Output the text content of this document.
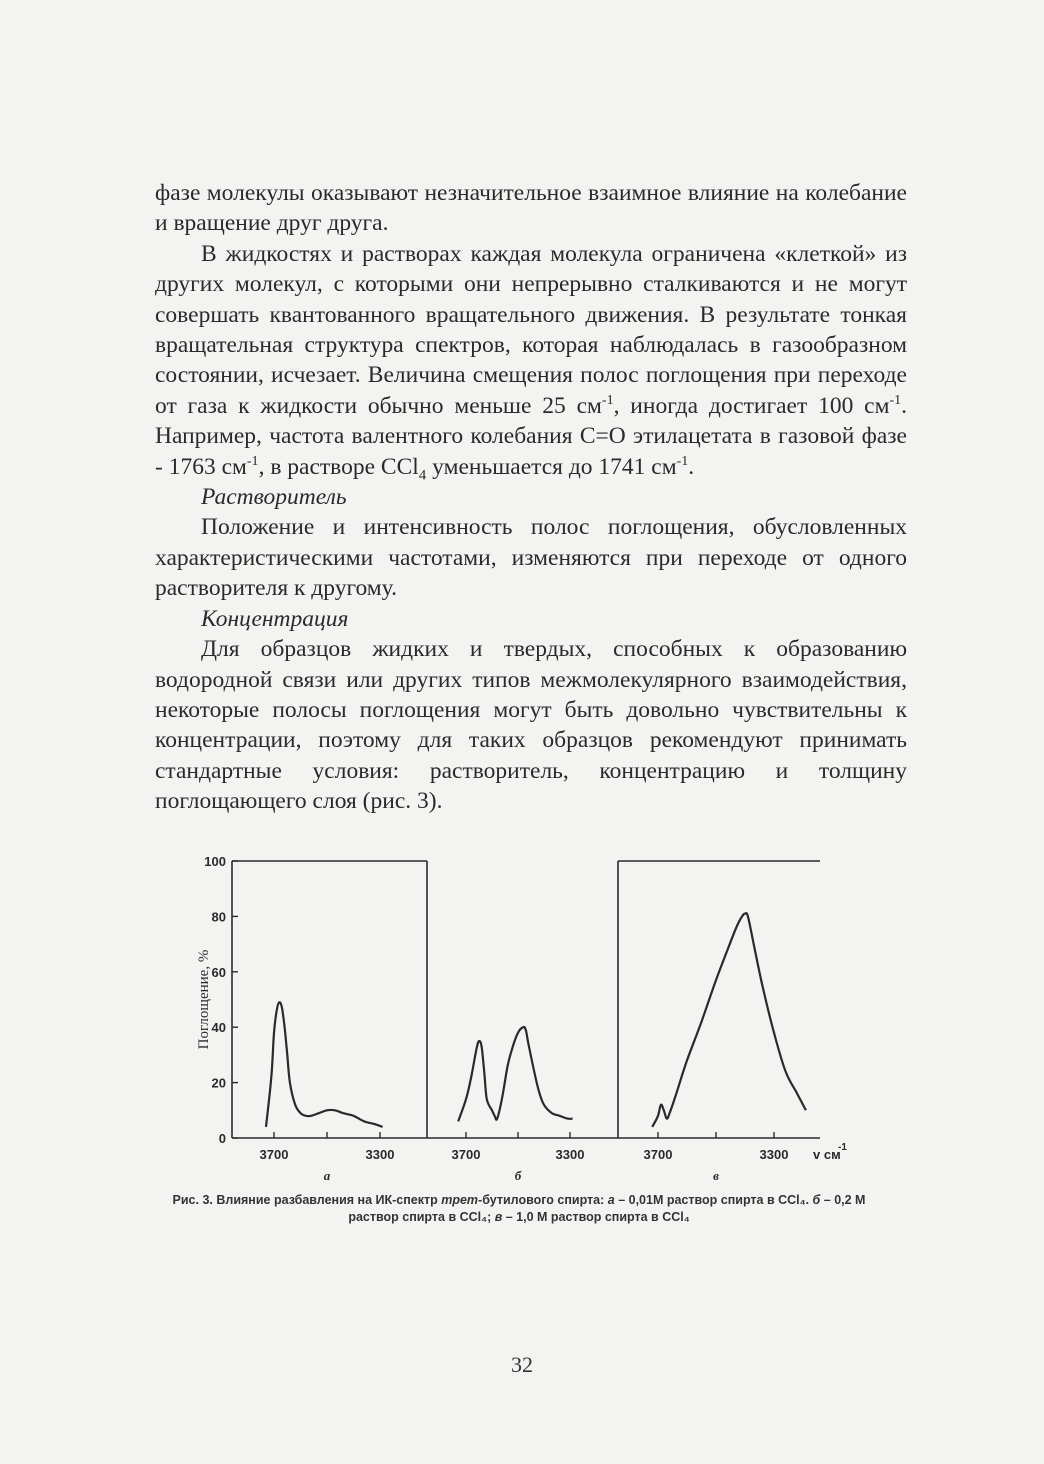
фазе молекулы оказывают незначительное взаимное влияние на колебание и вращение друг друга.

В жидкостях и растворах каждая молекула ограничена «клеткой» из других молекул, с которыми они непрерывно сталкиваются и не могут совершать квантованного вращательного движения. В результате тонкая вращательная структура спектров, которая наблюдалась в газообразном состоянии, исчезает. Величина смещения полос поглощения при переходе от газа к жидкости обычно меньше 25 $см^{-1}$, иногда достигает 100 $см^{-1}$. Например, частота валентного колебания С=О этилацетата в газовой фазе - 1763 $см^{-1}$, в растворе CCl$_4$ уменьшается до 1741 $см^{-1}$.

Растворитель

Положение и интенсивность полос поглощения, обусловленных характеристическими частотами, изменяются при переходе от одного растворителя к другому.

Концентрация

Для образцов жидких и твердых, способных к образованию водородной связи или других типов межмолекулярного взаимодействия, некоторые полосы поглощения могут быть довольно чувствительны к концентрации, поэтому для таких образцов рекомендуют принимать стандартные условия: растворитель, концентрацию и толщину поглощающего слоя (рис. 3).

0
20
40
60
80
100
Поглощение, %
3700	3300
а
3700	3300
б
3700	3300
в
v см
-1
Рис. 3. Влияние разбавления на ИК-спектр трет-бутилового спирта: а – 0,01М раствор спирта в CCl₄. б – 0,2 М раствор спирта в CCl₄; в – 1,0 М раствор спирта в CCl₄
32
